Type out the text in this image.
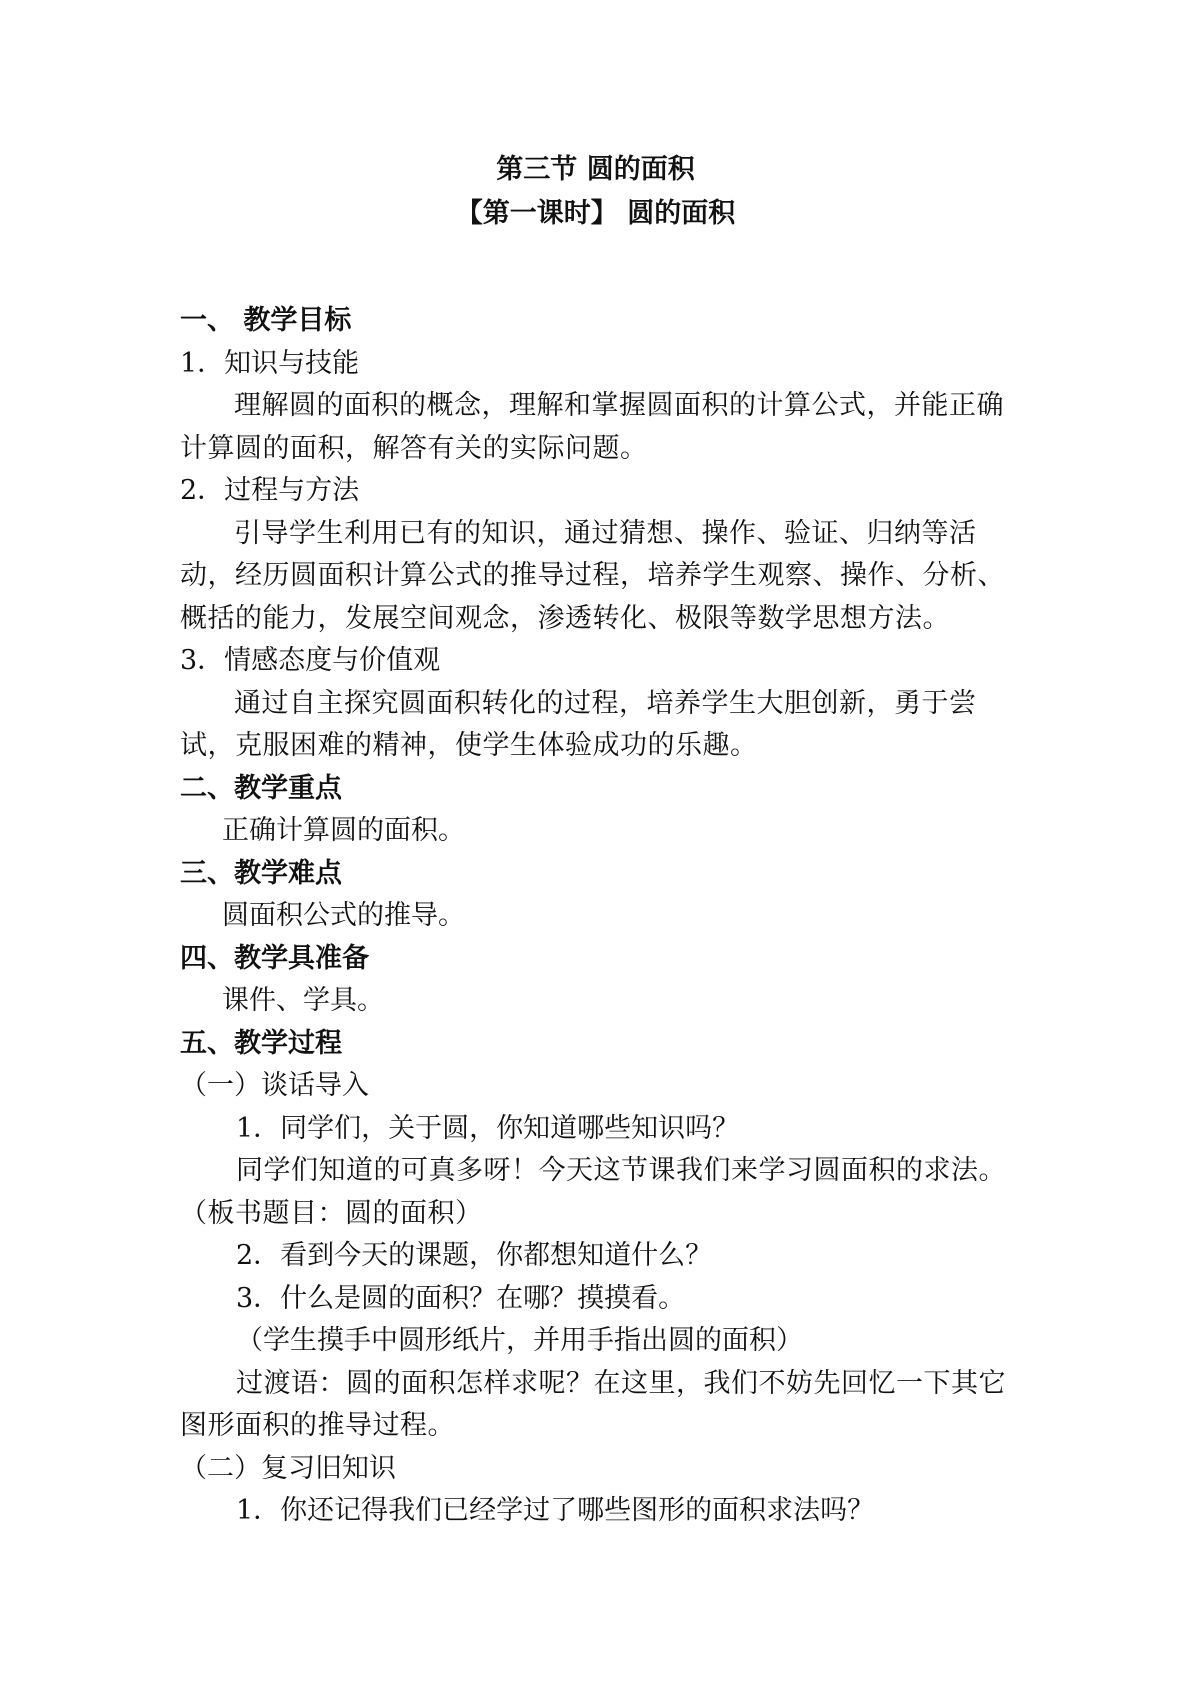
第三节 圆的面积
【第一课时】 圆的面积
一、 教学目标
1．知识与技能
理解圆的面积的概念，理解和掌握圆面积的计算公式，并能正确计算圆的面积，解答有关的实际问题。
2．过程与方法
引导学生利用已有的知识，通过猜想、操作、验证、归纳等活动，经历圆面积计算公式的推导过程，培养学生观察、操作、分析、概括的能力，发展空间观念，渗透转化、极限等数学思想方法。
3．情感态度与价值观
通过自主探究圆面积转化的过程，培养学生大胆创新，勇于尝试，克服困难的精神，使学生体验成功的乐趣。
二、教学重点
正确计算圆的面积。
三、教学难点
圆面积公式的推导。
四、教学具准备
课件、学具。
五、教学过程
（一）谈话导入
1．同学们，关于圆，你知道哪些知识吗？
同学们知道的可真多呀！今天这节课我们来学习圆面积的求法。（板书题目：圆的面积）
2．看到今天的课题，你都想知道什么？
3．什么是圆的面积？在哪？摸摸看。
（学生摸手中圆形纸片，并用手指出圆的面积）
过渡语：圆的面积怎样求呢？在这里，我们不妨先回忆一下其它图形面积的推导过程。
（二）复习旧知识
1．你还记得我们已经学过了哪些图形的面积求法吗？
